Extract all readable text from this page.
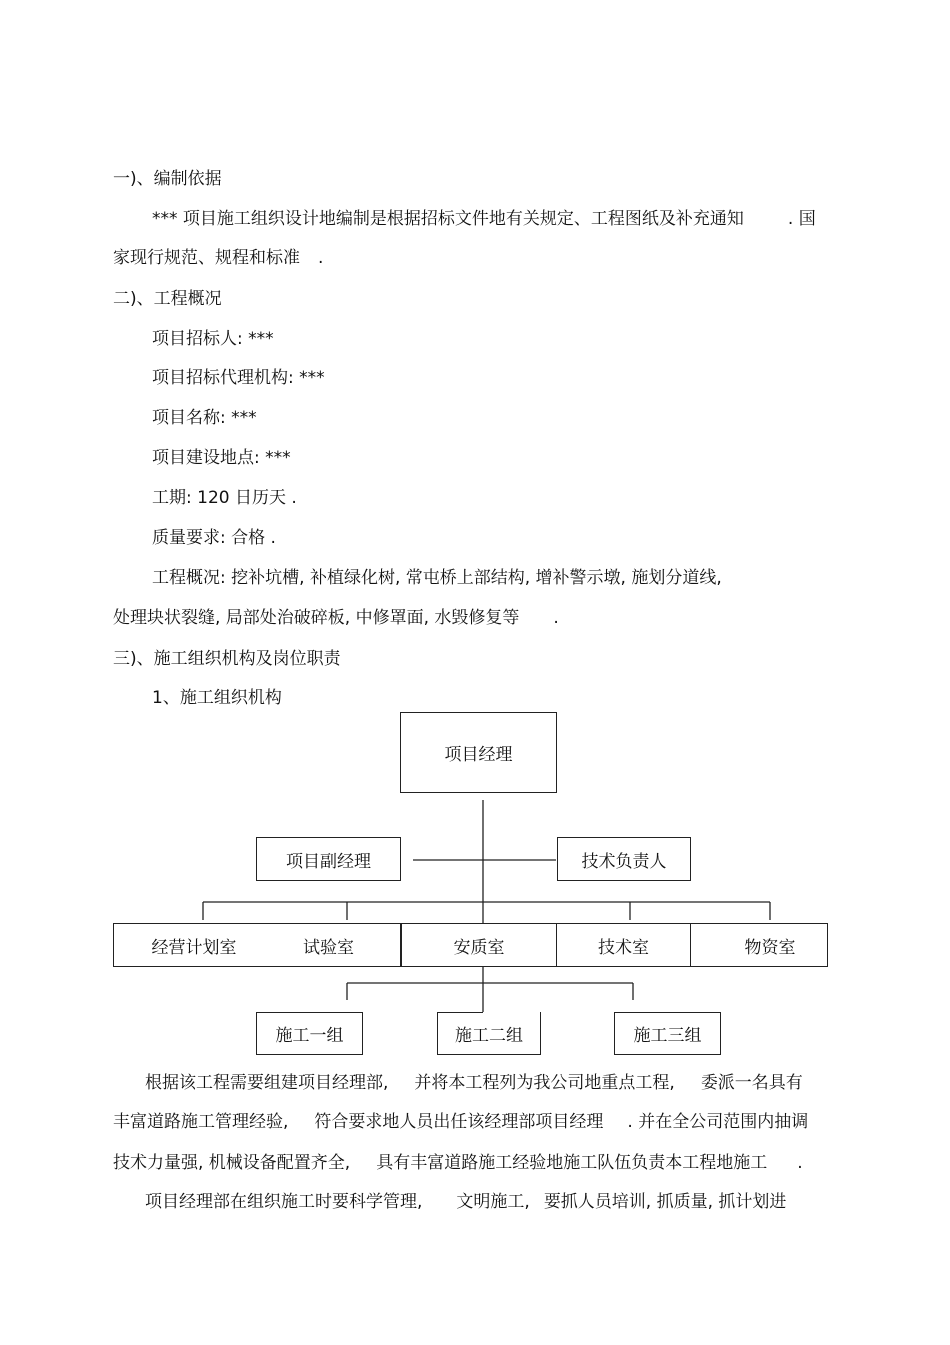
一)、编制依据
*** 项目施工组织设计地编制是根据招标文件地有关规定、工程图纸及补充通知	. 国
家现行规范、规程和标准 .
二)、工程概况
项目招标人: ***
项目招标代理机构: ***
项目名称: ***
项目建设地点: ***
工期: 120 日历天 .
质量要求: 合格 .
工程概况: 挖补坑槽, 补植绿化树, 常屯桥上部结构, 增补警示墩, 施划分道线,
处理块状裂缝, 局部处治破碎板, 中修罩面, 水毁修复等 .
三)、施工组织机构及岗位职责
1、施工组织机构
项目经理
项目副经理	技术负责人
经营计划室	试验室	安质室	技术室	物资室
施工一组	施工二组	施工三组
根据该工程需要组建项目经理部, 并将本工程列为我公司地重点工程, 委派一名具有
丰富道路施工管理经验, 符合要求地人员出任该经理部项目经理 . 并在全公司范围内抽调
技术力量强, 机械设备配置齐全, 具有丰富道路施工经验地施工队伍负责本工程地施工 .
项目经理部在组织施工时要科学管理, 文明施工, 要抓人员培训, 抓质量, 抓计划进
